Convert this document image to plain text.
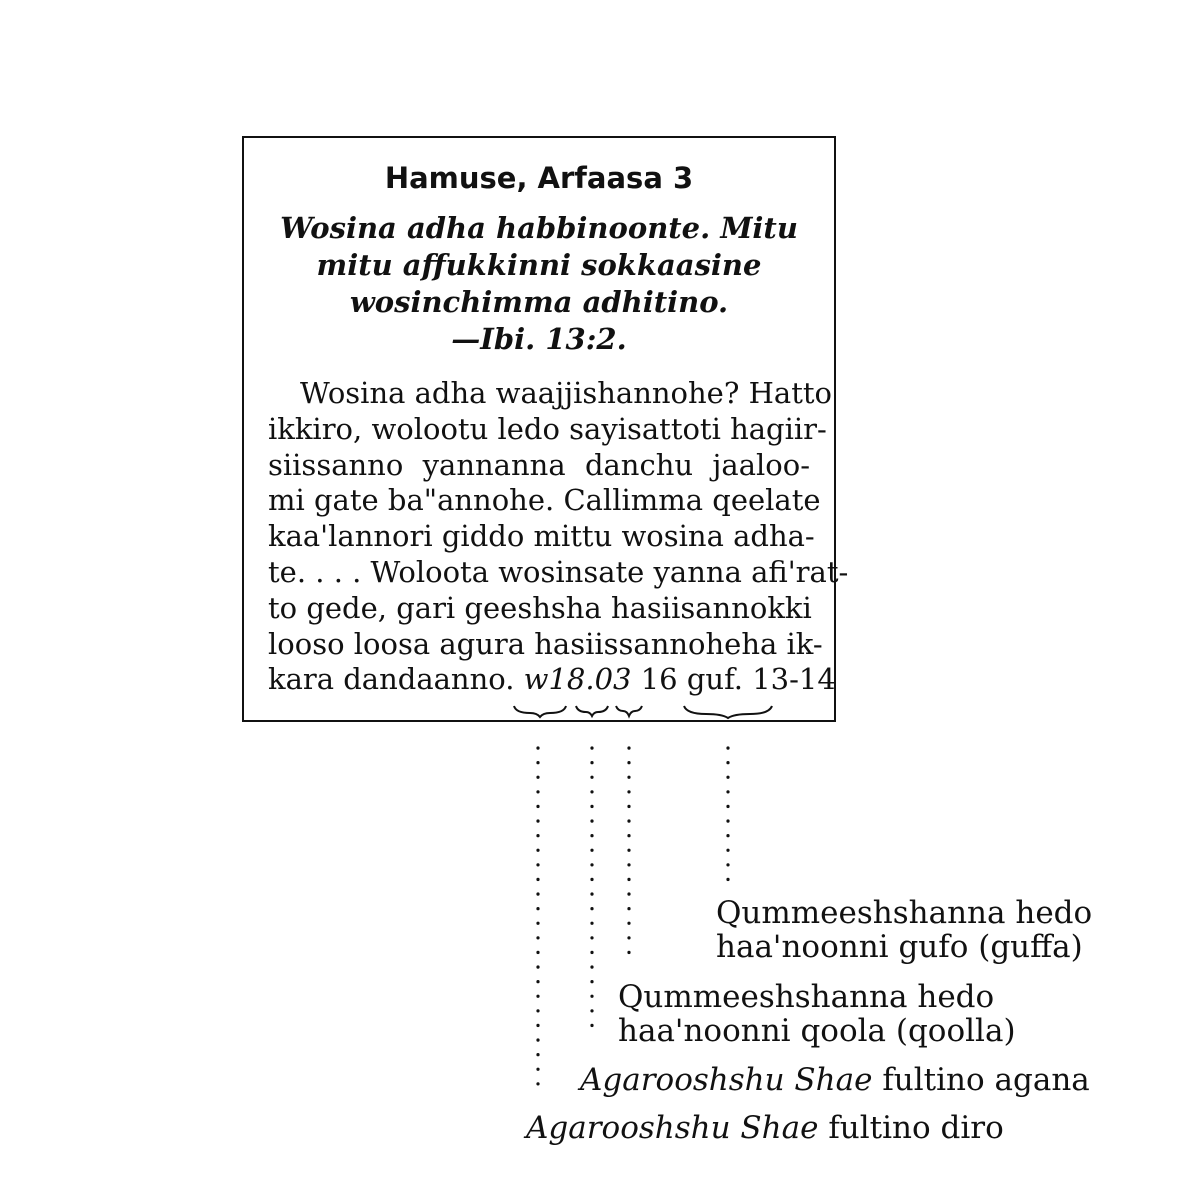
Hamuse, Arfaasa 3
Wosina adha habbinoonte. Mitu
mitu affukkinni sokkaasine
wosinchimma adhitino.
—Ibi. 13:2.
Wosina adha waajjishannohe? Hatto
ikkiro, wolootu ledo sayisattoti hagiir-
siissanno yannanna danchu jaaloo-
mi gate ba"annohe. Callimma qeelate
kaa'lannori giddo mittu wosina adha-
te. . . . Woloota wosinsate yanna afi'rat-
to gede, gari geeshsha hasiisannokki
looso loosa agura hasiissannoheha ik-
kara dandaanno. w18.03 16 guf. 13-14
Qummeeshshanna hedo
haa'noonni gufo (guffa)
Qummeeshshanna hedo
haa'noonni qoola (qoolla)
Agarooshshu Shae fultino agana
Agarooshshu Shae fultino diro
